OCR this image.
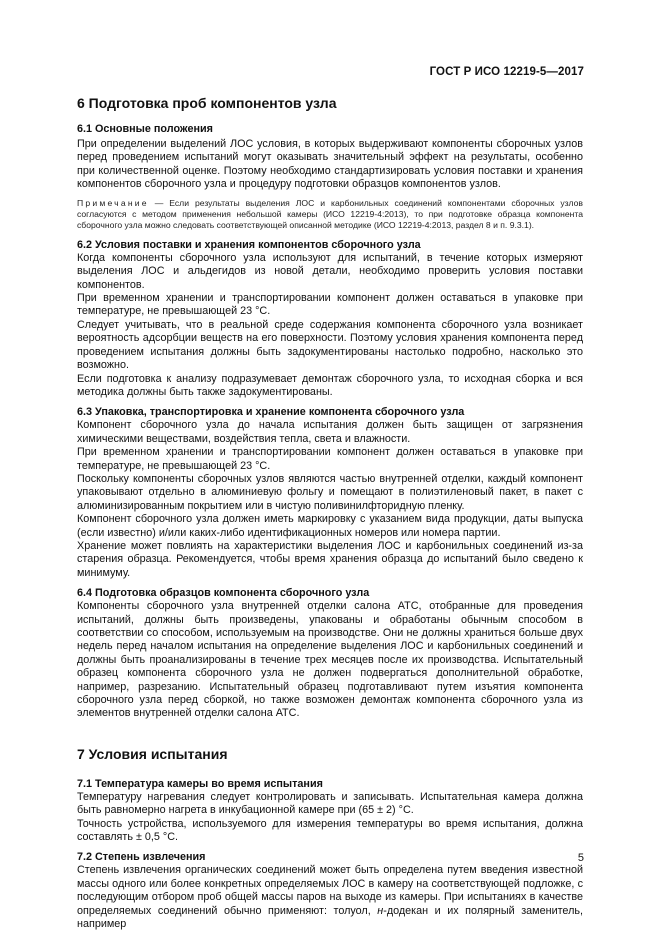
ГОСТ Р ИСО 12219-5—2017
6 Подготовка проб компонентов узла
6.1 Основные положения

При определении выделений ЛОС условия, в которых выдерживают компоненты сборочных узлов перед проведением испытаний могут оказывать значительный эффект на результаты, особенно при количественной оценке. Поэтому необходимо стандартизировать условия поставки и хранения компонентов сборочного узла и процедуру подготовки образцов компонентов узлов.

Примечание — Если результаты выделения ЛОС и карбонильных соединений компонентами сборочных узлов согласуются с методом применения небольшой камеры (ИСО 12219-4:2013), то при подготовке образца компонента сборочного узла можно следовать соответствующей описанной методике (ИСО 12219-4:2013, раздел 8 и п. 9.3.1).
6.2 Условия поставки и хранения компонентов сборочного узла

Когда компоненты сборочного узла используют для испытаний, в течение которых измеряют выделения ЛОС и альдегидов из новой детали, необходимо проверить условия поставки компонентов.

При временном хранении и транспортировании компонент должен оставаться в упаковке при температуре, не превышающей 23 °С.

Следует учитывать, что в реальной среде содержания компонента сборочного узла возникает вероятность адсорбции веществ на его поверхности. Поэтому условия хранения компонента перед проведением испытания должны быть задокументированы настолько подробно, насколько это возможно.

Если подготовка к анализу подразумевает демонтаж сборочного узла, то исходная сборка и вся методика должны быть также задокументированы.

6.3 Упаковка, транспортировка и хранение компонента сборочного узла

Компонент сборочного узла до начала испытания должен быть защищен от загрязнения химическими веществами, воздействия тепла, света и влажности.

При временном хранении и транспортировании компонент должен оставаться в упаковке при температуре, не превышающей 23 °С.

Поскольку компоненты сборочных узлов являются частью внутренней отделки, каждый компонент упаковывают отдельно в алюминиевую фольгу и помещают в полиэтиленовый пакет, в пакет с алюминизированным покрытием или в чистую поливинилфторидную пленку.

Компонент сборочного узла должен иметь маркировку с указанием вида продукции, даты выпуска (если известно) и/или каких-либо идентификационных номеров или номера партии.

Хранение может повлиять на характеристики выделения ЛОС и карбонильных соединений из-за старения образца. Рекомендуется, чтобы время хранения образца до испытаний было сведено к минимуму.

6.4 Подготовка образцов компонента сборочного узла

Компоненты сборочного узла внутренней отделки салона АТС, отобранные для проведения испытаний, должны быть произведены, упакованы и обработаны обычным способом в соответствии со способом, используемым на производстве. Они не должны храниться больше двух недель перед началом испытания на определение выделения ЛОС и карбонильных соединений и должны быть проанализированы в течение трех месяцев после их производства. Испытательный образец компонента сборочного узла не должен подвергаться дополнительной обработке, например, разрезанию. Испытательный образец подготавливают путем изъятия компонента сборочного узла перед сборкой, но также возможен демонтаж компонента сборочного узла из элементов внутренней отделки салона АТС.

7 Условия испытания
7.1 Температура камеры во время испытания

Температуру нагревания следует контролировать и записывать. Испытательная камера должна быть равномерно нагрета в инкубационной камере при (65 ± 2) °С.

Точность устройства, используемого для измерения температуры во время испытания, должна составлять ± 0,5 °С.

7.2 Степень извлечения

Степень извлечения органических соединений может быть определена путем введения известной массы одного или более конкретных определяемых ЛОС в камеру на соответствующей подложке, с последующим отбором проб общей массы паров на выходе из камеры. При испытаниях в качестве определяемых соединений обычно применяют: толуол, н-додекан и их полярный заменитель, например

5
